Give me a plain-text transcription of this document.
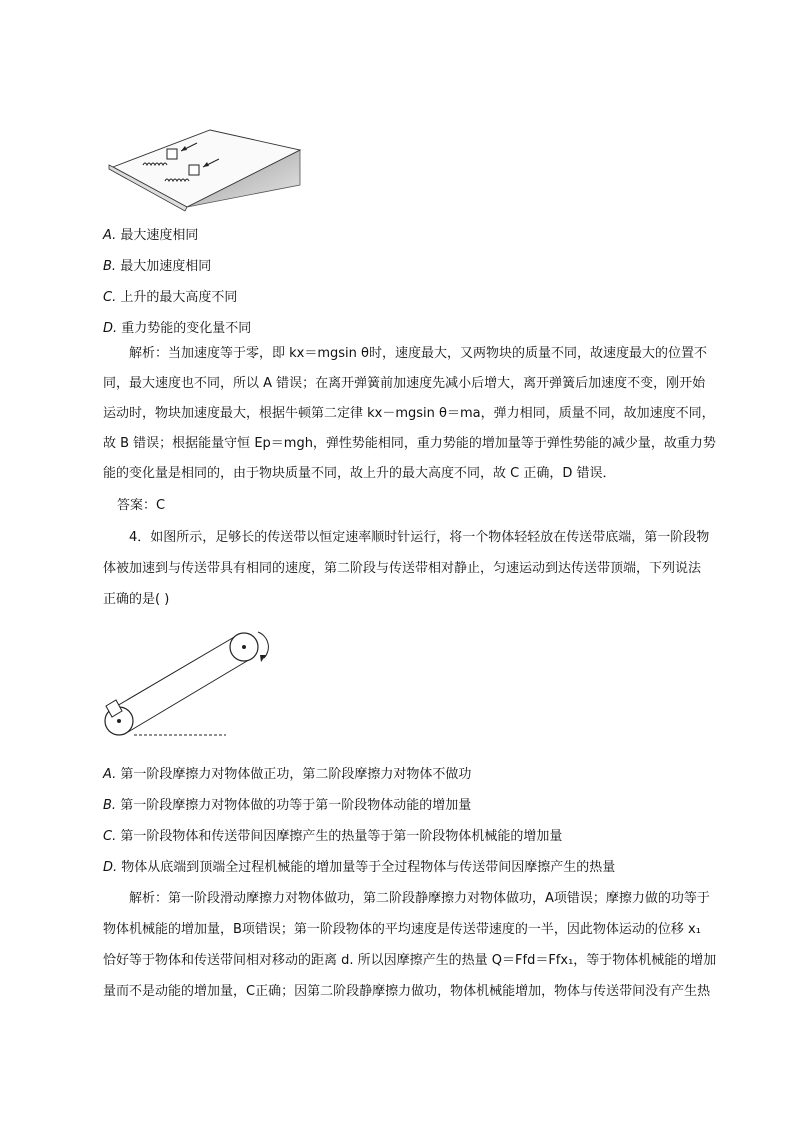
A. 最大速度相同
B. 最大加速度相同
C. 上升的最大高度不同
D. 重力势能的变化量不同

解析：当加速度等于零，即 kx＝mgsin θ时，速度最大，又两物块的质量不同，故速度最大的位置不

同，最大速度也不同，所以 A 错误；在离开弹簧前加速度先减小后增大，离开弹簧后加速度不变，刚开始

运动时，物块加速度最大，根据牛顿第二定律 kx－mgsin θ＝ma，弹力相同，质量不同，故加速度不同，

故 B 错误；根据能量守恒 Ep＝mgh，弹性势能相同，重力势能的增加量等于弹性势能的减少量，故重力势

能的变化量是相同的，由于物块质量不同，故上升的最大高度不同，故 C 正确，D 错误．

答案：C

4．如图所示，足够长的传送带以恒定速率顺时针运行，将一个物体轻轻放在传送带底端，第一阶段物

体被加速到与传送带具有相同的速度，第二阶段与传送带相对静止，匀速运动到达传送带顶端，下列说法

正确的是( )

A. 第一阶段摩擦力对物体做正功，第二阶段摩擦力对物体不做功
B. 第一阶段摩擦力对物体做的功等于第一阶段物体动能的增加量
C. 第一阶段物体和传送带间因摩擦产生的热量等于第一阶段物体机械能的增加量
D. 物体从底端到顶端全过程机械能的增加量等于全过程物体与传送带间因摩擦产生的热量

解析：第一阶段滑动摩擦力对物体做功，第二阶段静摩擦力对物体做功，A项错误；摩擦力做的功等于

物体机械能的增加量，B项错误；第一阶段物体的平均速度是传送带速度的一半，因此物体运动的位移 x₁

恰好等于物体和传送带间相对移动的距离 d. 所以因摩擦产生的热量 Q＝Ffd＝Ffx₁，等于物体机械能的增加

量而不是动能的增加量，C正确；因第二阶段静摩擦力做功，物体机械能增加，物体与传送带间没有产生热
